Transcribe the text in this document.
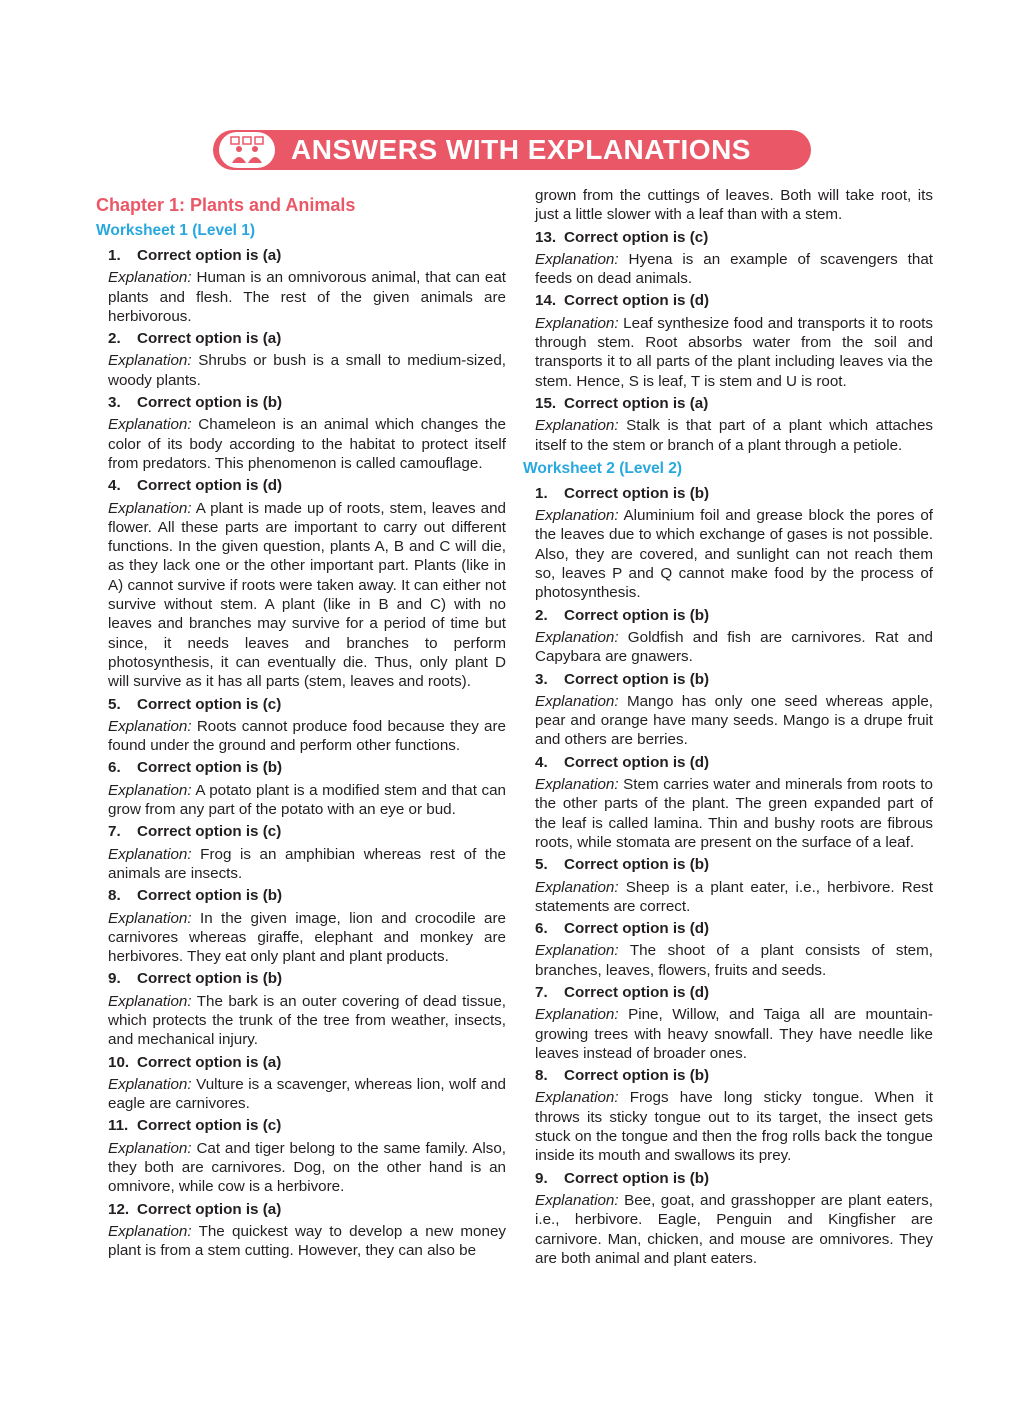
ANSWERS WITH EXPLANATIONS
Chapter 1: Plants and Animals
Worksheet 1 (Level 1)
1. Correct option is (a)
Explanation: Human is an omnivorous animal, that can eat plants and flesh. The rest of the given animals are herbivorous.
2. Correct option is (a)
Explanation: Shrubs or bush is a small to medium-sized, woody plants.
3. Correct option is (b)
Explanation: Chameleon is an animal which changes the color of its body according to the habitat to protect itself from predators. This phenomenon is called camouflage.
4. Correct option is (d)
Explanation: A plant is made up of roots, stem, leaves and flower. All these parts are important to carry out different functions. In the given question, plants A, B and C will die, as they lack one or the other important part. Plants (like in A) cannot survive if roots were taken away. It can either not survive without stem. A plant (like in B and C) with no leaves and branches may survive for a period of time but since, it needs leaves and branches to perform photosynthesis, it can eventually die. Thus, only plant D will survive as it has all parts (stem, leaves and roots).
5. Correct option is (c)
Explanation: Roots cannot produce food because they are found under the ground and perform other functions.
6. Correct option is (b)
Explanation: A potato plant is a modified stem and that can grow from any part of the potato with an eye or bud.
7. Correct option is (c)
Explanation: Frog is an amphibian whereas rest of the animals are insects.
8. Correct option is (b)
Explanation: In the given image, lion and crocodile are carnivores whereas giraffe, elephant and monkey are herbivores. They eat only plant and plant products.
9. Correct option is (b)
Explanation: The bark is an outer covering of dead tissue, which protects the trunk of the tree from weather, insects, and mechanical injury.
10. Correct option is (a)
Explanation: Vulture is a scavenger, whereas lion, wolf and eagle are carnivores.
11. Correct option is (c)
Explanation: Cat and tiger belong to the same family. Also, they both are carnivores. Dog, on the other hand is an omnivore, while cow is a herbivore.
12. Correct option is (a)
Explanation: The quickest way to develop a new money plant is from a stem cutting. However, they can also be
grown from the cuttings of leaves. Both will take root, its just a little slower with a leaf than with a stem.
13. Correct option is (c)
Explanation: Hyena is an example of scavengers that feeds on dead animals.
14. Correct option is (d)
Explanation: Leaf synthesize food and transports it to roots through stem. Root absorbs water from the soil and transports it to all parts of the plant including leaves via the stem. Hence, S is leaf, T is stem and U is root.
15. Correct option is (a)
Explanation: Stalk is that part of a plant which attaches itself to the stem or branch of a plant through a petiole.
Worksheet 2 (Level 2)
1. Correct option is (b)
Explanation: Aluminium foil and grease block the pores of the leaves due to which exchange of gases is not possible. Also, they are covered, and sunlight can not reach them so, leaves P and Q cannot make food by the process of photosynthesis.
2. Correct option is (b)
Explanation: Goldfish and fish are carnivores. Rat and Capybara are gnawers.
3. Correct option is (b)
Explanation: Mango has only one seed whereas apple, pear and orange have many seeds. Mango is a drupe fruit and others are berries.
4. Correct option is (d)
Explanation: Stem carries water and minerals from roots to the other parts of the plant. The green expanded part of the leaf is called lamina. Thin and bushy roots are fibrous roots, while stomata are present on the surface of a leaf.
5. Correct option is (b)
Explanation: Sheep is a plant eater, i.e., herbivore. Rest statements are correct.
6. Correct option is (d)
Explanation: The shoot of a plant consists of stem, branches, leaves, flowers, fruits and seeds.
7. Correct option is (d)
Explanation: Pine, Willow, and Taiga all are mountain-growing trees with heavy snowfall. They have needle like leaves instead of broader ones.
8. Correct option is (b)
Explanation: Frogs have long sticky tongue. When it throws its sticky tongue out to its target, the insect gets stuck on the tongue and then the frog rolls back the tongue inside its mouth and swallows its prey.
9. Correct option is (b)
Explanation: Bee, goat, and grasshopper are plant eaters, i.e., herbivore. Eagle, Penguin and Kingfisher are carnivore. Man, chicken, and mouse are omnivores. They are both animal and plant eaters.
